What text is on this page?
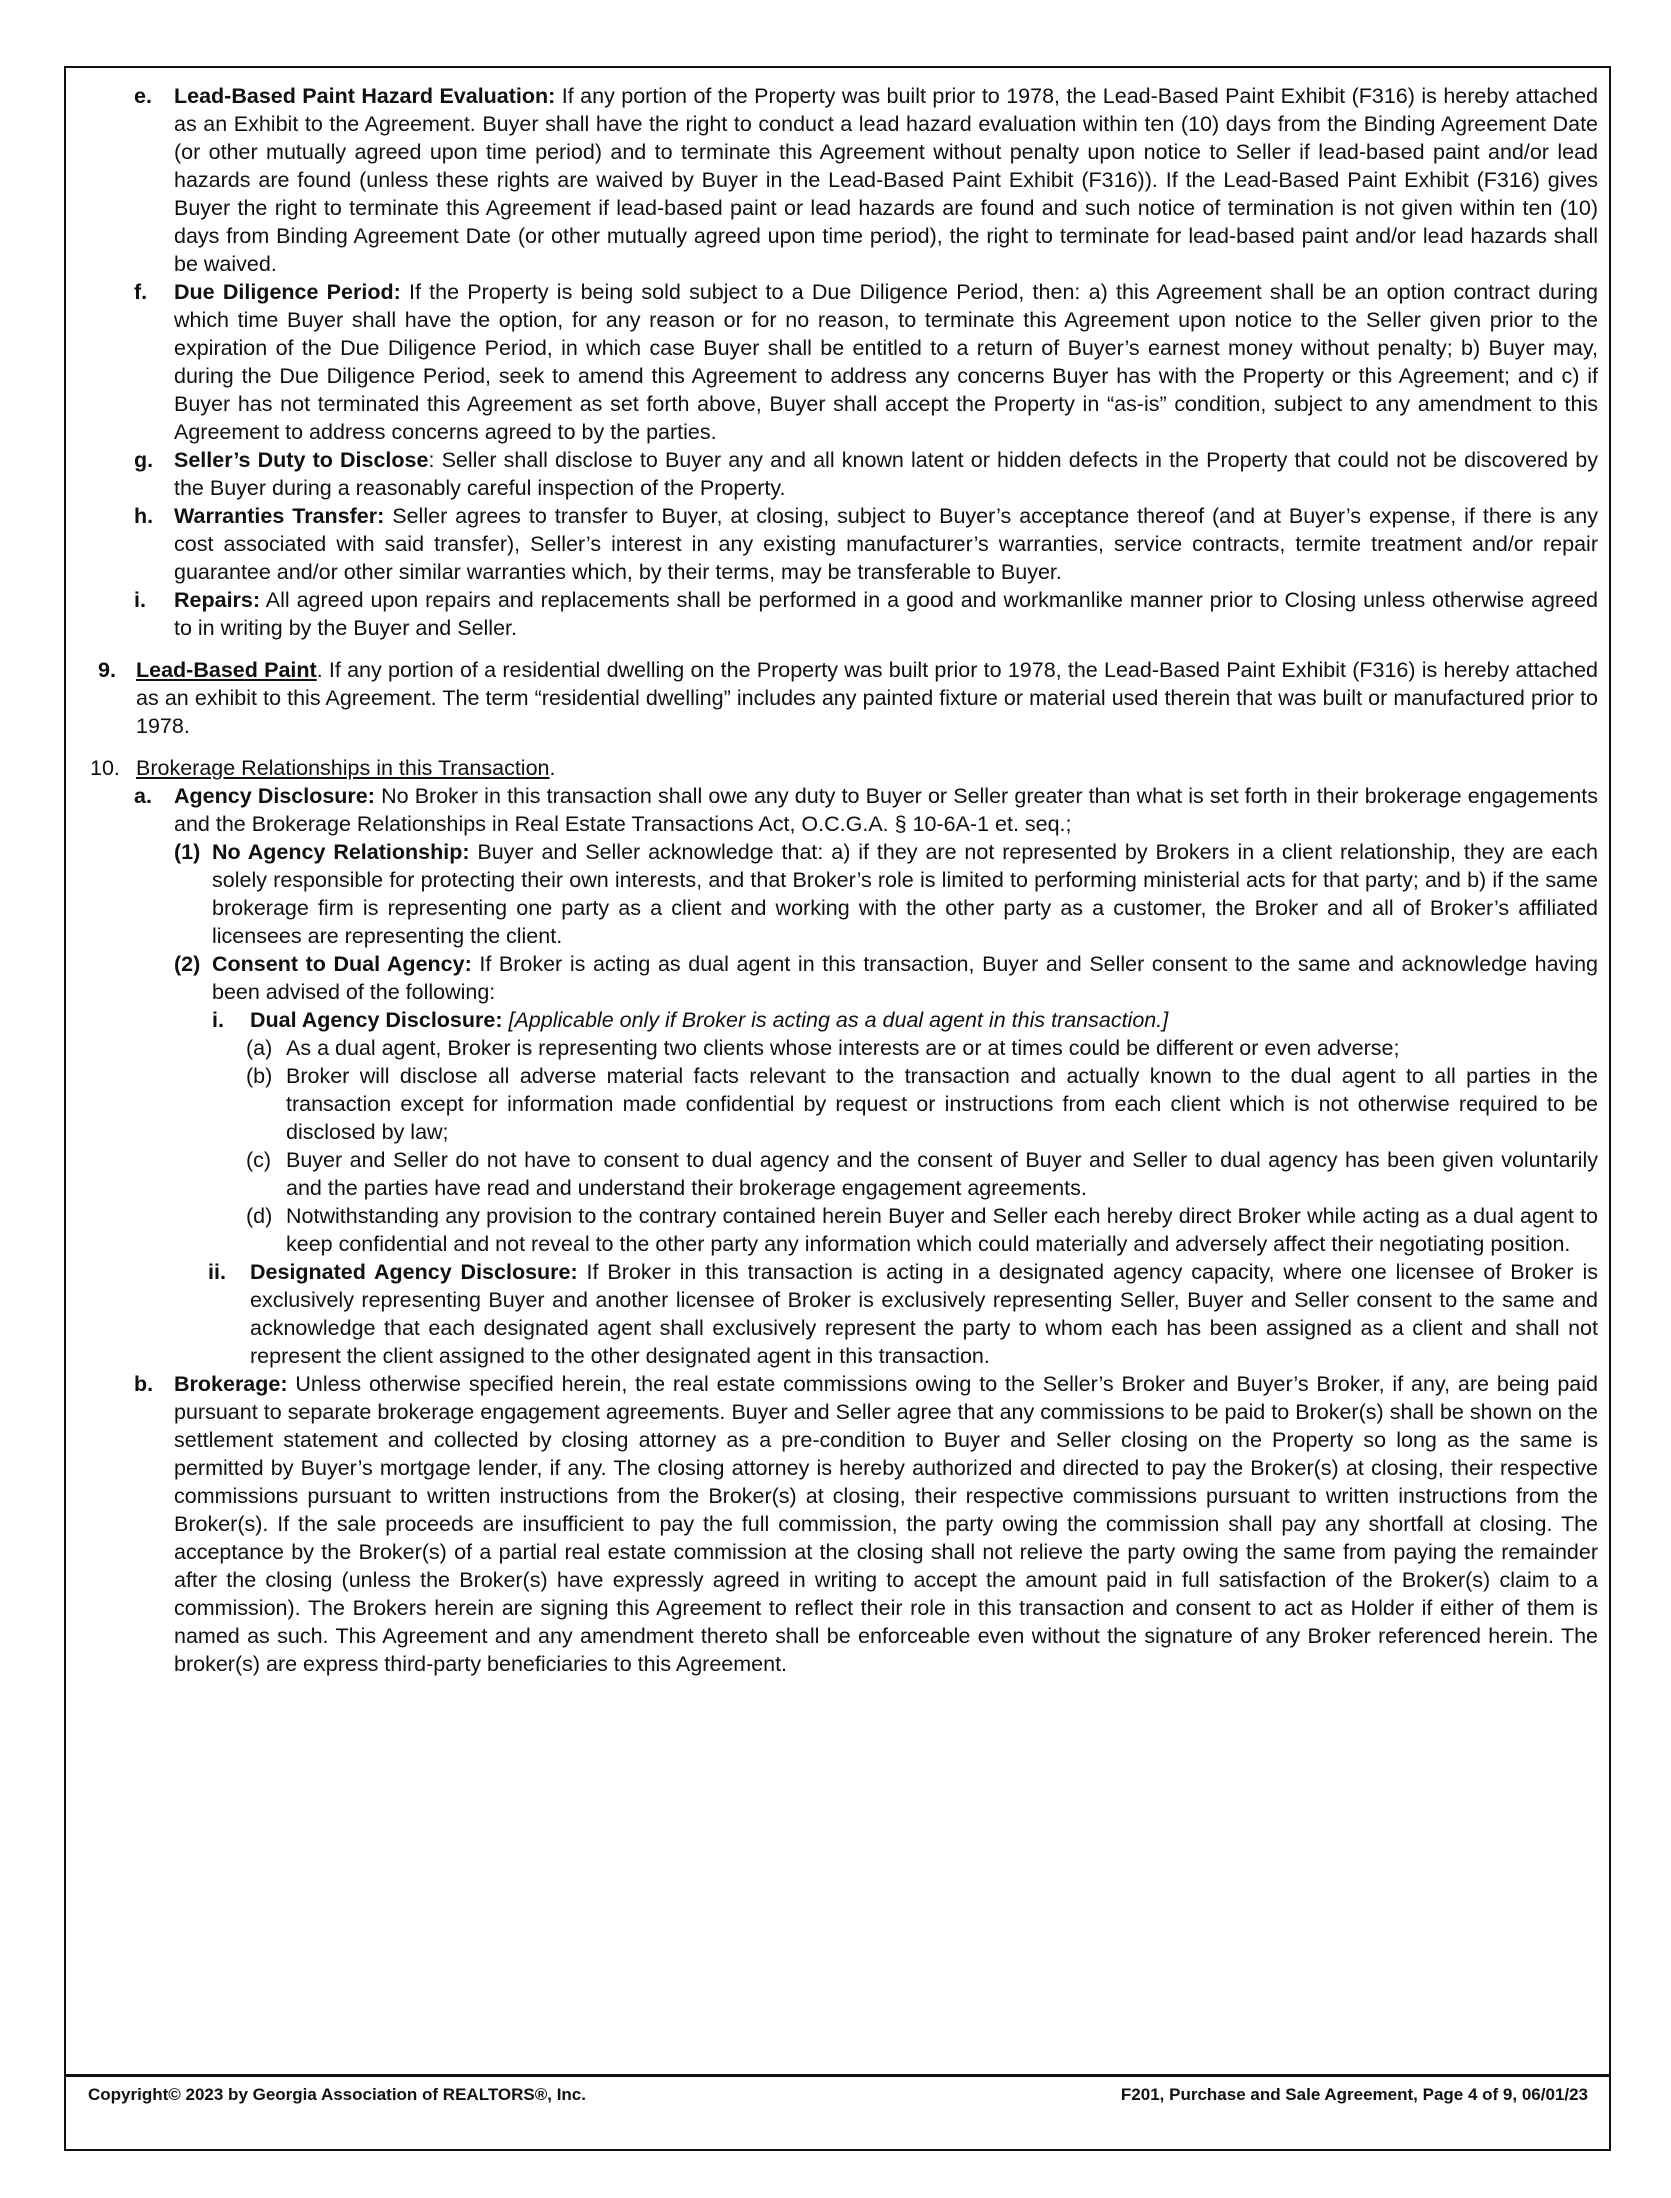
e. Lead-Based Paint Hazard Evaluation: If any portion of the Property was built prior to 1978, the Lead-Based Paint Exhibit (F316) is hereby attached as an Exhibit to the Agreement. Buyer shall have the right to conduct a lead hazard evaluation within ten (10) days from the Binding Agreement Date (or other mutually agreed upon time period) and to terminate this Agreement without penalty upon notice to Seller if lead-based paint and/or lead hazards are found (unless these rights are waived by Buyer in the Lead-Based Paint Exhibit (F316)). If the Lead-Based Paint Exhibit (F316) gives Buyer the right to terminate this Agreement if lead-based paint or lead hazards are found and such notice of termination is not given within ten (10) days from Binding Agreement Date (or other mutually agreed upon time period), the right to terminate for lead-based paint and/or lead hazards shall be waived.
f. Due Diligence Period: If the Property is being sold subject to a Due Diligence Period, then: a) this Agreement shall be an option contract during which time Buyer shall have the option, for any reason or for no reason, to terminate this Agreement upon notice to the Seller given prior to the expiration of the Due Diligence Period, in which case Buyer shall be entitled to a return of Buyer’s earnest money without penalty; b) Buyer may, during the Due Diligence Period, seek to amend this Agreement to address any concerns Buyer has with the Property or this Agreement; and c) if Buyer has not terminated this Agreement as set forth above, Buyer shall accept the Property in “as-is” condition, subject to any amendment to this Agreement to address concerns agreed to by the parties.
g. Seller’s Duty to Disclose: Seller shall disclose to Buyer any and all known latent or hidden defects in the Property that could not be discovered by the Buyer during a reasonably careful inspection of the Property.
h. Warranties Transfer: Seller agrees to transfer to Buyer, at closing, subject to Buyer’s acceptance thereof (and at Buyer’s expense, if there is any cost associated with said transfer), Seller’s interest in any existing manufacturer’s warranties, service contracts, termite treatment and/or repair guarantee and/or other similar warranties which, by their terms, may be transferable to Buyer.
i. Repairs: All agreed upon repairs and replacements shall be performed in a good and workmanlike manner prior to Closing unless otherwise agreed to in writing by the Buyer and Seller.
9. Lead-Based Paint. If any portion of a residential dwelling on the Property was built prior to 1978, the Lead-Based Paint Exhibit (F316) is hereby attached as an exhibit to this Agreement. The term “residential dwelling” includes any painted fixture or material used therein that was built or manufactured prior to 1978.
10. Brokerage Relationships in this Transaction.
a. Agency Disclosure: No Broker in this transaction shall owe any duty to Buyer or Seller greater than what is set forth in their brokerage engagements and the Brokerage Relationships in Real Estate Transactions Act, O.C.G.A. § 10-6A-1 et. seq.;
(1) No Agency Relationship: Buyer and Seller acknowledge that: a) if they are not represented by Brokers in a client relationship, they are each solely responsible for protecting their own interests, and that Broker’s role is limited to performing ministerial acts for that party; and b) if the same brokerage firm is representing one party as a client and working with the other party as a customer, the Broker and all of Broker’s affiliated licensees are representing the client.
(2) Consent to Dual Agency: If Broker is acting as dual agent in this transaction, Buyer and Seller consent to the same and acknowledge having been advised of the following:
i. Dual Agency Disclosure: [Applicable only if Broker is acting as a dual agent in this transaction.]
(a) As a dual agent, Broker is representing two clients whose interests are or at times could be different or even adverse;
(b) Broker will disclose all adverse material facts relevant to the transaction and actually known to the dual agent to all parties in the transaction except for information made confidential by request or instructions from each client which is not otherwise required to be disclosed by law;
(c) Buyer and Seller do not have to consent to dual agency and the consent of Buyer and Seller to dual agency has been given voluntarily and the parties have read and understand their brokerage engagement agreements.
(d) Notwithstanding any provision to the contrary contained herein Buyer and Seller each hereby direct Broker while acting as a dual agent to keep confidential and not reveal to the other party any information which could materially and adversely affect their negotiating position.
ii. Designated Agency Disclosure: If Broker in this transaction is acting in a designated agency capacity, where one licensee of Broker is exclusively representing Buyer and another licensee of Broker is exclusively representing Seller, Buyer and Seller consent to the same and acknowledge that each designated agent shall exclusively represent the party to whom each has been assigned as a client and shall not represent the client assigned to the other designated agent in this transaction.
b. Brokerage: Unless otherwise specified herein, the real estate commissions owing to the Seller’s Broker and Buyer’s Broker, if any, are being paid pursuant to separate brokerage engagement agreements. Buyer and Seller agree that any commissions to be paid to Broker(s) shall be shown on the settlement statement and collected by closing attorney as a pre-condition to Buyer and Seller closing on the Property so long as the same is permitted by Buyer’s mortgage lender, if any. The closing attorney is hereby authorized and directed to pay the Broker(s) at closing, their respective commissions pursuant to written instructions from the Broker(s) at closing, their respective commissions pursuant to written instructions from the Broker(s). If the sale proceeds are insufficient to pay the full commission, the party owing the commission shall pay any shortfall at closing. The acceptance by the Broker(s) of a partial real estate commission at the closing shall not relieve the party owing the same from paying the remainder after the closing (unless the Broker(s) have expressly agreed in writing to accept the amount paid in full satisfaction of the Broker(s) claim to a commission). The Brokers herein are signing this Agreement to reflect their role in this transaction and consent to act as Holder if either of them is named as such. This Agreement and any amendment thereto shall be enforceable even without the signature of any Broker referenced herein. The broker(s) are express third-party beneficiaries to this Agreement.
Copyright© 2023 by Georgia Association of REALTORS®, Inc.	F201, Purchase and Sale Agreement, Page 4 of 9, 06/01/23
